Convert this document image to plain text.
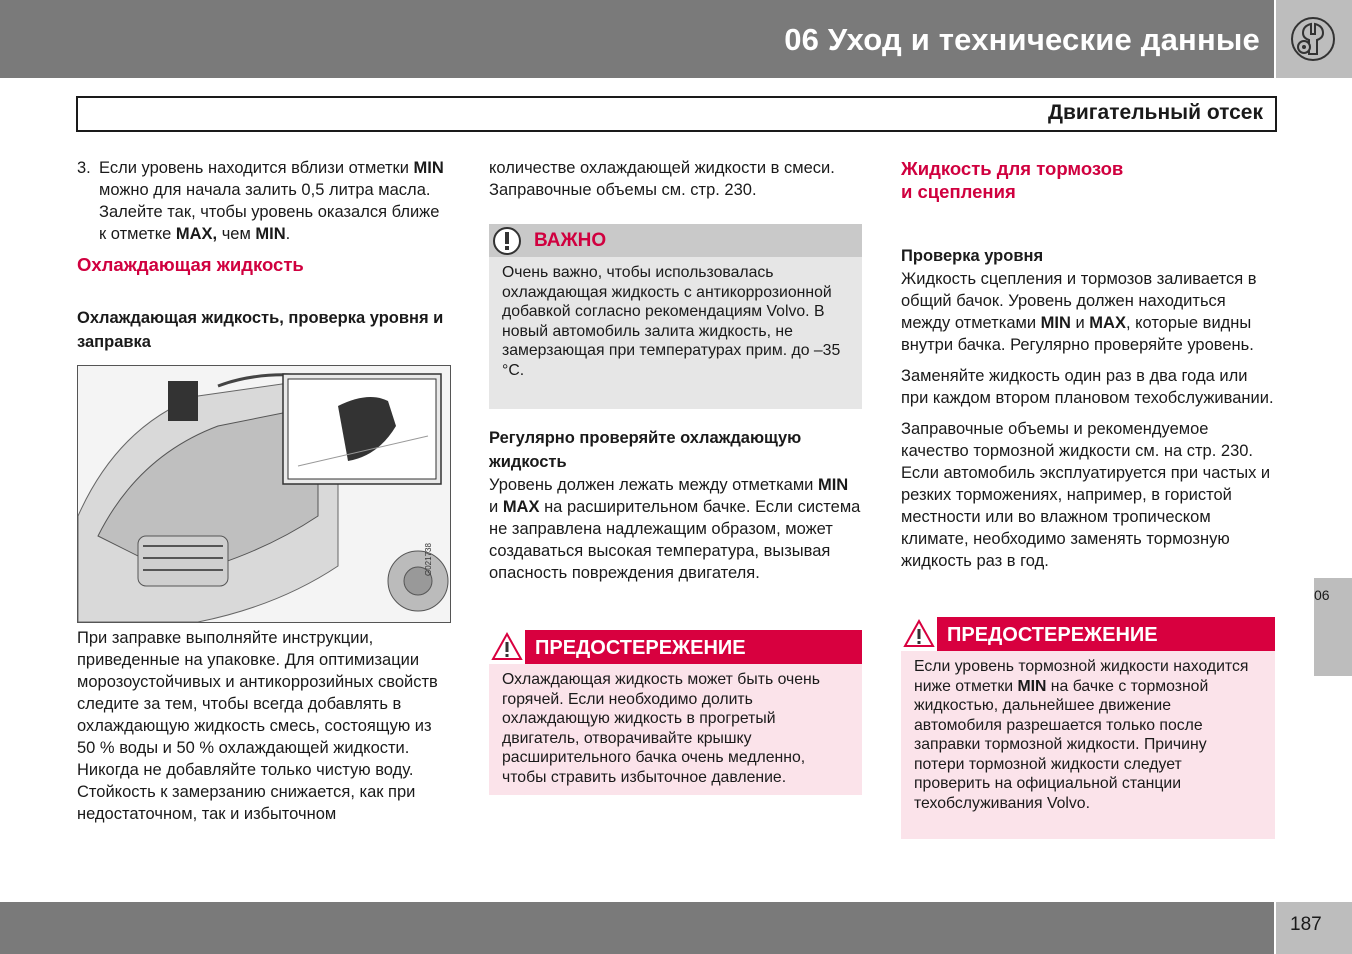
06 Уход и технические данные
Двигательный отсек
3. Если уровень находится вблизи отметки MIN можно для начала залить 0,5 литра масла. Залейте так, чтобы уровень оказался ближе к отметке MAX, чем MIN.
Охлаждающая жидкость
Охлаждающая жидкость, проверка уровня и заправка
G021738

При заправке выполняйте инструкции, приведенные на упаковке. Для оптимизации морозоустойчивых и антикоррозийных свойств следите за тем, чтобы всегда добавлять в охлаждающую жидкость смесь, состоящую из 50 % воды и 50 % охлаждающей жидкости. Никогда не добавляйте только чистую воду. Стойкость к замерзанию снижается, как при недостаточном, так и избыточном

количестве охлаждающей жидкости в смеси. Заправочные объемы см. стр. 230.

ВАЖНО
Очень важно, чтобы использовалась охлаждающая жидкость с антикоррозионной добавкой согласно рекомендациям Volvo. В новый автомобиль залита жидкость, не замерзающая при температурах прим. до –35 °C.
Регулярно проверяйте охлаждающую жидкость

Уровень должен лежать между отметками MIN и MAX на расширительном бачке. Если система не заправлена надлежащим образом, может создаваться высокая температура, вызывая опасность повреждения двигателя.

ПРЕДОСТЕРЕЖЕНИЕ
Охлаждающая жидкость может быть очень горячей. Если необходимо долить охлаждающую жидкость в прогретый двигатель, отворачивайте крышку расширительного бачка очень медленно, чтобы стравить избыточное давление.
Жидкость для тормозов
и сцепления
Проверка уровня

Жидкость сцепления и тормозов заливается в общий бачок. Уровень должен находиться между отметками MIN и MAX, которые видны внутри бачка. Регулярно проверяйте уровень.

Заменяйте жидкость один раз в два года или при каждом втором плановом техобслуживании.

Заправочные объемы и рекомендуемое качество тормозной жидкости см. на стр. 230. Если автомобиль эксплуатируется при частых и резких торможениях, например, в гористой местности или во влажном тропическом климате, необходимо заменять тормозную жидкость раз в год.

ПРЕДОСТЕРЕЖЕНИЕ
Если уровень тормозной жидкости находится ниже отметки MIN на бачке с тормозной жидкостью, дальнейшее движение автомобиля разрешается только после заправки тормозной жидкости. Причину потери тормозной жидкости следует проверить на официальной станции техобслуживания Volvo.
06
187
